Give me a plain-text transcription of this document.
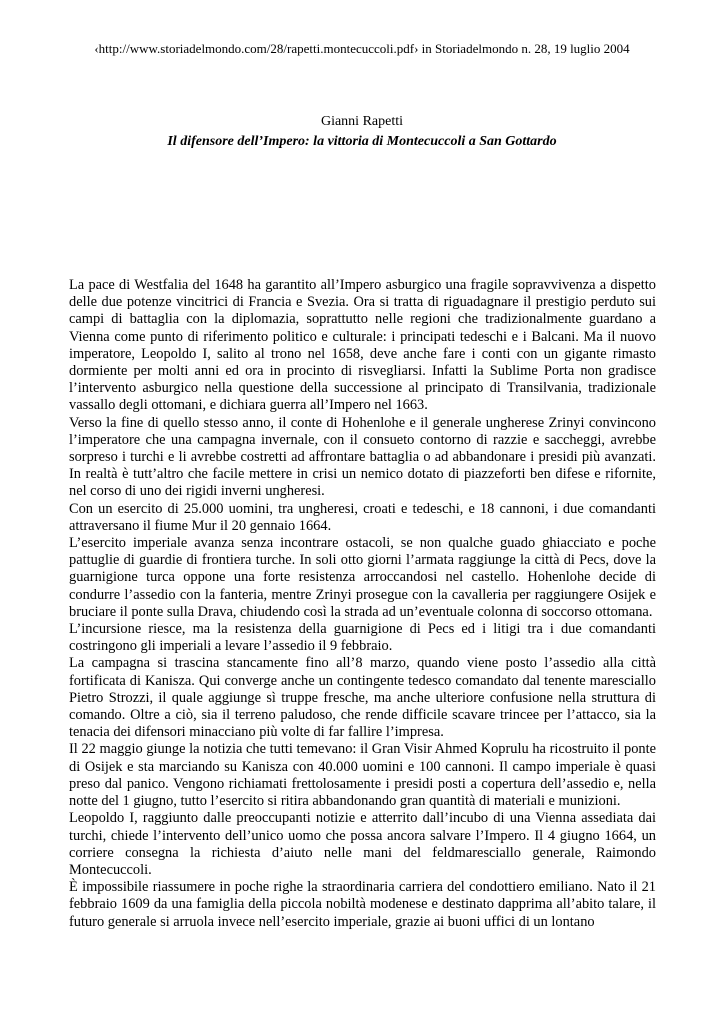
‹http://www.storiadelmondo.com/28/rapetti.montecuccoli.pdf› in Storiadelmondo n. 28, 19 luglio 2004
Gianni Rapetti
Il difensore dell’Impero: la vittoria di Montecuccoli a San Gottardo

La pace di Westfalia del 1648 ha garantito all’Impero asburgico una fragile sopravvivenza a dispetto delle due potenze vincitrici di Francia e Svezia. Ora si tratta di riguadagnare il prestigio perduto sui campi di battaglia con la diplomazia, soprattutto nelle regioni che tradizionalmente guardano a Vienna come punto di riferimento politico e culturale: i principati tedeschi e i Balcani. Ma il nuovo imperatore, Leopoldo I, salito al trono nel 1658, deve anche fare i conti con un gigante rimasto dormiente per molti anni ed ora in procinto di risvegliarsi. Infatti la Sublime Porta non gradisce l’intervento asburgico nella questione della successione al principato di Transilvania, tradizionale vassallo degli ottomani, e dichiara guerra all’Impero nel 1663.

Verso la fine di quello stesso anno, il conte di Hohenlohe e il generale ungherese Zrinyi convincono l’imperatore che una campagna invernale, con il consueto contorno di razzie e saccheggi, avrebbe sorpreso i turchi e li avrebbe costretti ad affrontare battaglia o ad abbandonare i presidi più avanzati. In realtà è tutt’altro che facile mettere in crisi un nemico dotato di piazzeforti ben difese e rifornite, nel corso di uno dei rigidi inverni ungheresi.

Con un esercito di 25.000 uomini, tra ungheresi, croati e tedeschi, e 18 cannoni, i due comandanti attraversano il fiume Mur il 20 gennaio 1664.

L’esercito imperiale avanza senza incontrare ostacoli, se non qualche guado ghiacciato e poche pattuglie di guardie di frontiera turche. In soli otto giorni l’armata raggiunge la città di Pecs, dove la guarnigione turca oppone una forte resistenza arroccandosi nel castello. Hohenlohe decide di condurre l’assedio con la fanteria, mentre Zrinyi prosegue con la cavalleria per raggiungere Osijek e bruciare il ponte sulla Drava, chiudendo così la strada ad un’eventuale colonna di soccorso ottomana.

L’incursione riesce, ma la resistenza della guarnigione di Pecs ed i litigi tra i due comandanti costringono gli imperiali a levare l’assedio il 9 febbraio.

La campagna si trascina stancamente fino all’8 marzo, quando viene posto l’assedio alla città fortificata di Kanisza. Qui converge anche un contingente tedesco comandato dal tenente maresciallo Pietro Strozzi, il quale aggiunge sì truppe fresche, ma anche ulteriore confusione nella struttura di comando. Oltre a ciò, sia il terreno paludoso, che rende difficile scavare trincee per l’attacco, sia la tenacia dei difensori minacciano più volte di far fallire l’impresa.

Il 22 maggio giunge la notizia che tutti temevano: il Gran Visir Ahmed Koprulu ha ricostruito il ponte di Osijek e sta marciando su Kanisza con 40.000 uomini e 100 cannoni. Il campo imperiale è quasi preso dal panico. Vengono richiamati frettolosamente i presidi posti a copertura dell’assedio e, nella notte del 1 giugno, tutto l’esercito si ritira abbandonando gran quantità di materiali e munizioni.

Leopoldo I, raggiunto dalle preoccupanti notizie e atterrito dall’incubo di una Vienna assediata dai turchi, chiede l’intervento dell’unico uomo che possa ancora salvare l’Impero. Il 4 giugno 1664, un corriere consegna la richiesta d’aiuto nelle mani del feldmaresciallo generale, Raimondo Montecuccoli.

È impossibile riassumere in poche righe la straordinaria carriera del condottiero emiliano. Nato il 21 febbraio 1609 da una famiglia della piccola nobiltà modenese e destinato dapprima all’abito talare, il futuro generale si arruola invece nell’esercito imperiale, grazie ai buoni uffici di un lontano
